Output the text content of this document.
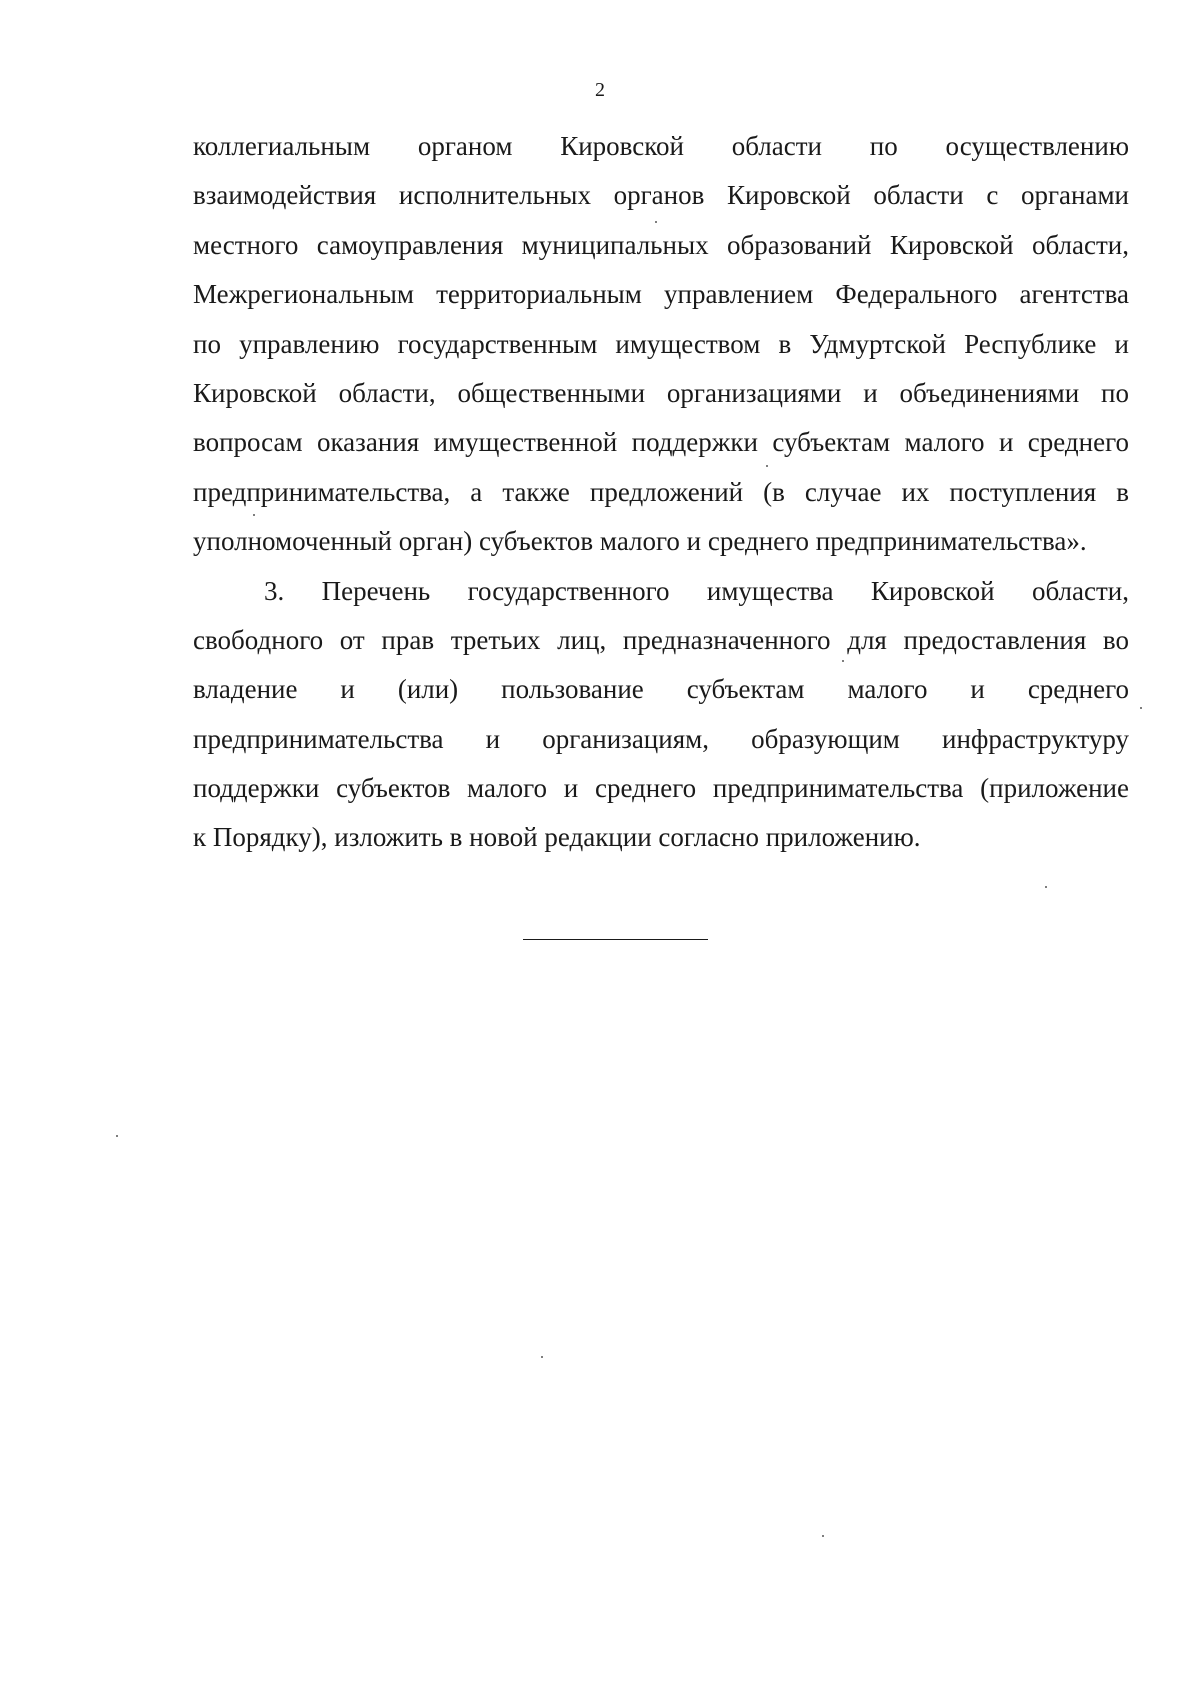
2
коллегиальным органом Кировской области по осуществлению
взаимодействия исполнительных органов Кировской области с органами
местного самоуправления муниципальных образований Кировской области,
Межрегиональным территориальным управлением Федерального агентства
по управлению государственным имуществом в Удмуртской Республике и
Кировской области, общественными организациями и объединениями по
вопросам оказания имущественной поддержки субъектам малого и среднего
предпринимательства, а также предложений (в случае их поступления в
уполномоченный орган) субъектов малого и среднего предпринимательства».
3. Перечень государственного имущества Кировской области,
свободного от прав третьих лиц, предназначенного для предоставления во
владение и (или) пользование субъектам малого и среднего
предпринимательства и организациям, образующим инфраструктуру
поддержки субъектов малого и среднего предпринимательства (приложение
к Порядку), изложить в новой редакции согласно приложению.
